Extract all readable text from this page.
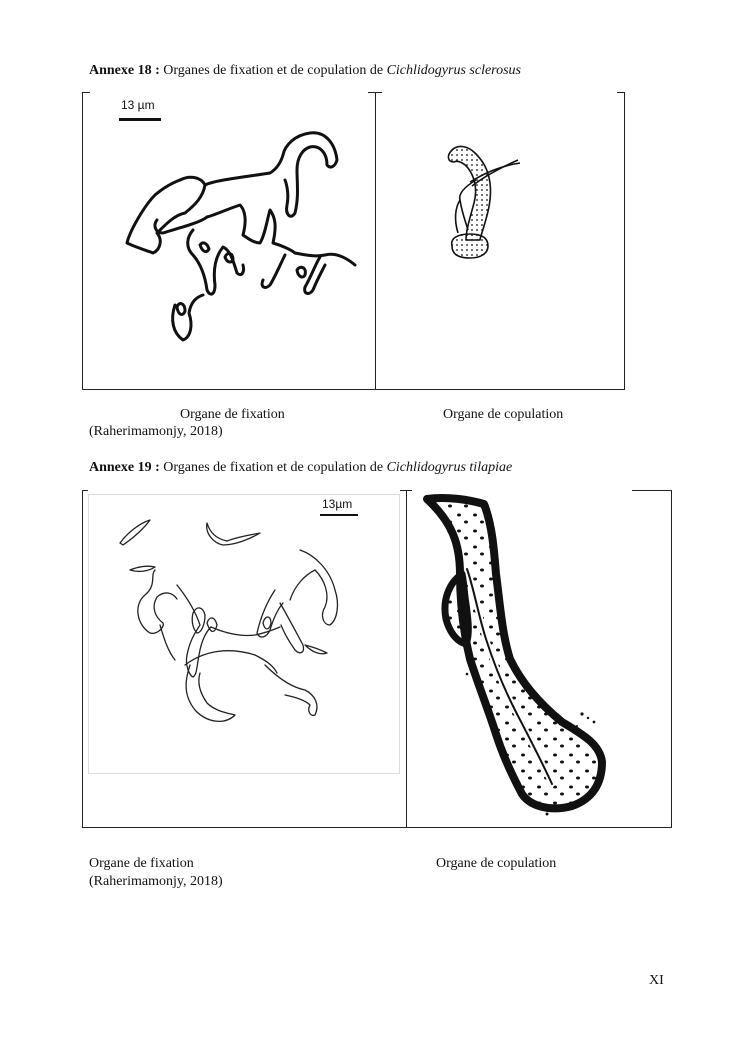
Annexe 18 : Organes de fixation et de copulation de Cichlidogyrus sclerosus
13 µm
Organe de fixation	Organe de copulation
(Raherimamonjy, 2018)
Annexe 19 : Organes de fixation et de copulation de Cichlidogyrus tilapiae
13µm
Organe de fixation	Organe de copulation
(Raherimamonjy, 2018)
XI
